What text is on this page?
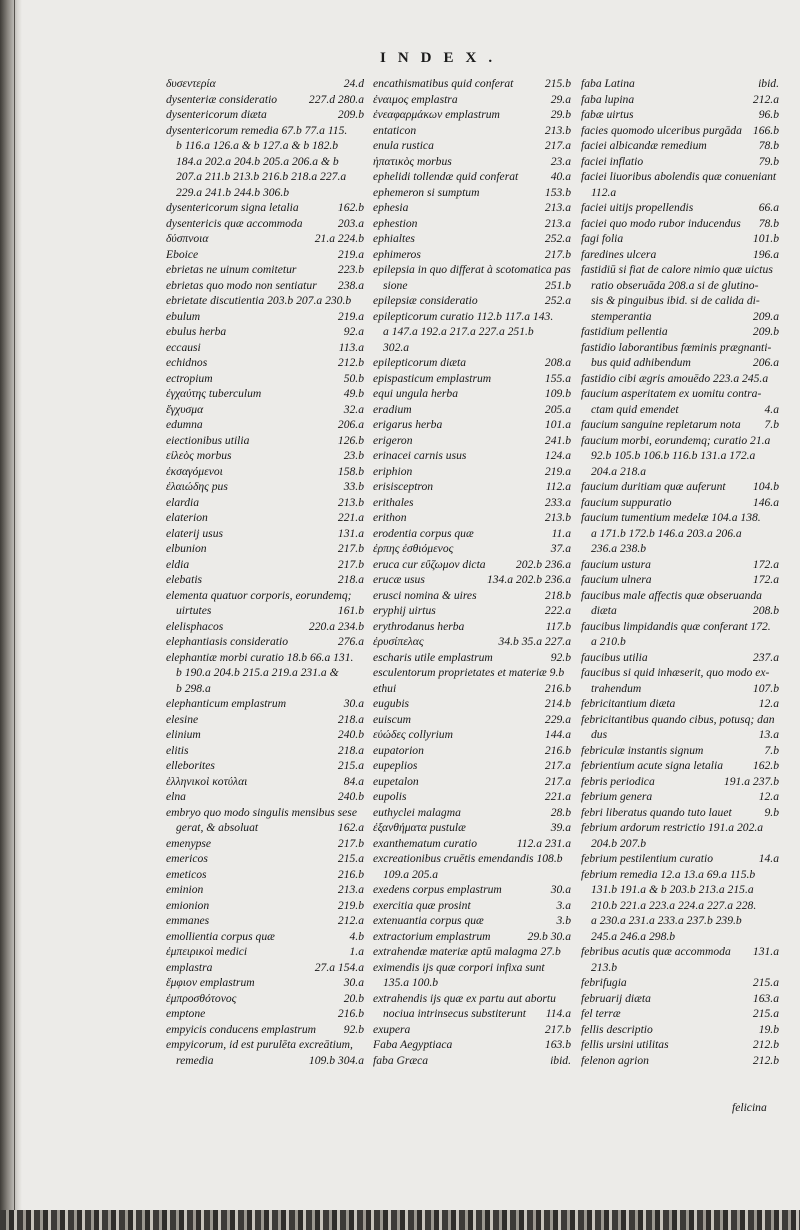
INDEX.
δυσεντερία	24.d
dysenteriæ consideratio	227.d 280.a
dysentericorum diæta	209.b
dysentericorum remedia 67.b 77.a 115.
b 116.a 126.a & b 127.a & b 182.b
184.a 202.a 204.b 205.a 206.a & b
207.a 211.b 213.b 216.b 218.a 227.a
229.a 241.b 244.b 306.b
dysentericorum signa letalia	162.b
dysentericis quæ accommoda	203.a
δύσπνοια	21.a 224.b
Eboice	219.a
ebrietas ne uinum comitetur	223.b
ebrietas quo modo non sentiatur 238.a
ebrietate discutientia 203.b 207.a 230.b
ebulum	219.a
ebulus herba	92.a
eccausi	113.a
echidnos	212.b
ectropium	50.b
ἐγχαύτης tuberculum	49.b
ἔγχυσμα	32.a
edumna	206.a
eiectionibus utilia	126.b
εἰλεὸς morbus	23.b
ἐκσαγόμενοι	158.b
ἐλαιώδης pus	33.b
elardia	213.b
elaterion	221.a
elaterij usus	131.a
elbunion	217.b
eldia	217.b
elebatis	218.a
elementa quatuor corporis, eorundemq;
uirtutes	161.b
elelisphacos	220.a 234.b
elephantiasis consideratio	276.a
elephantiæ morbi curatio 18.b 66.a 131.
b 190.a 204.b 215.a 219.a 231.a &
b 298.a
elephanticum emplastrum	30.a
elesine	218.a
elinium	240.b
elitis	218.a
elleborites	215.a
ἑλληνικοὶ κοτύλαι	84.a
elna	240.b
embryo quo modo singulis mensibus sese
gerat, & absoluat	162.a
emenypse	217.b
emericos	215.a
emeticos	216.b
eminion	213.a
emionion	219.b
emmanes	212.a
emollientia corpus quæ	4.b
ἐμπειρικοὶ medici	1.a
emplastra	27.a 154.a
ἔμφιον emplastrum	30.a
ἐμπροσθότονος	20.b
emptone	216.b
empyicis conducens emplastrum 92.b
empyicorum, id est purulēta excreātium,
remedia	109.b 304.a
encathismatibus quid conferat	215.b
ἐναιμος emplastra	29.a
ἐνεαφαρμάκων emplastrum	29.b
entaticon	213.b
enula rustica	217.a
ἠπατικὸς morbus	23.a
ephelidi tollendæ quid conferat	40.a
ephemeron si sumptum	153.b
ephesia	213.a
ephestion	213.a
ephialtes	252.a
ephimeros	217.b
epilepsia in quo differat à scotomatica pas
sione	251.b
epilepsiæ consideratio	252.a
epilepticorum curatio 112.b 117.a 143.
a 147.a 192.a 217.a 227.a 251.b
302.a
epilepticorum diæta	208.a
epispasticum emplastrum	155.a
equi ungula herba	109.b
eradium	205.a
erigarus herba	101.a
erigeron	241.b
erinacei carnis usus	124.a
eriphion	219.a
erisisceptron	112.a
erithales	233.a
erithon	213.b
erodentia corpus quæ	11.a
ἐρπης ἐσθιόμενος	37.a
eruca cur εὔζωμον dicta	202.b 236.a
erucæ usus	134.a 202.b 236.a
erusci nomina & uires	218.b
eryphij uirtus	222.a
erythrodanus herba	117.b
ἐρυσίπελας	34.b 35.a 227.a
escharis utile emplastrum	92.b
esculentorum proprietates et materiæ 9.b
ethui	216.b
eugubis	214.b
euiscum	229.a
εὐώδες collyrium	144.a
eupatorion	216.b
eupeplios	217.a
eupetalon	217.a
eupolis	221.a
euthyclei malagma	28.b
ἐξανθήματα pustulæ	39.a
exanthematum curatio	112.a 231.a
excreationibus cruētis emendandis 108.b
109.a 205.a
exedens corpus emplastrum	30.a
exercitia quæ prosint	3.a
extenuantia corpus quæ	3.b
extractorium emplastrum	29.b 30.a
extrahendæ materiæ aptū malagma 27.b
eximendis ijs quæ corpori infixa sunt
135.a 100.b
extrahendis ijs quæ ex partu aut abortu
nociua intrinsecus substiterunt 114.a
exupera	217.b
Faba Aegyptiaca	163.b
faba Græca	ibid.
faba Latina	ibid.
faba lupina	212.a
fabæ uirtus	96.b
facies quomodo ulceribus purgāda 166.b
faciei albicandæ remedium	78.b
faciei inflatio	79.b
faciei liuoribus abolendis quæ conueniant
112.a
faciei uitijs propellendis	66.a
faciei quo modo rubor inducendus 78.b
fagi folia	101.b
faredines ulcera	196.a
fastidiū si fiat de calore nimio quæ uictus
ratio obseruāda 208.a si de glutino-
sis & pinguibus ibid. si de calida di-
stemperantia	209.a
fastidium pellentia	209.b
fastidio laborantibus fœminis prægnanti-
bus quid adhibendum	206.a
fastidio cibi ægris amouēdo 223.a 245.a
faucium asperitatem ex uomitu contra-
ctam quid emendet	4.a
faucium sanguine repletarum nota 7.b
faucium morbi, eorundemq; curatio 21.a
92.b 105.b 106.b 116.b 131.a 172.a
204.a 218.a
faucium duritiam quæ auferunt 104.b
faucium suppuratio	146.a
faucium tumentium medelæ 104.a 138.
a 171.b 172.b 146.a 203.a 206.a
236.a 238.b
faucium ustura	172.a
faucium ulnera	172.a
faucibus male affectis quæ obseruanda
diæta	208.b
faucibus limpidandis quæ conferant 172.
a 210.b
faucibus utilia	237.a
faucibus si quid inhæserit, quo modo ex-
trahendum	107.b
febricitantium diæta	12.a
febricitantibus quando cibus, potusq; dan
dus	13.a
febriculæ instantis signum	7.b
febrientium acute signa letalia	162.b
febris periodica	191.a 237.b
febrium genera	12.a
febri liberatus quando tuto lauet	9.b
febrium ardorum restrictio 191.a 202.a
204.b 207.b
febrium pestilentium curatio	14.a
febrium remedia 12.a 13.a 69.a 115.b
131.b 191.a & b 203.b 213.a 215.a
210.b 221.a 223.a 224.a 227.a 228.
a 230.a 231.a 233.a 237.b 239.b
245.a 246.a 298.b
febribus acutis quæ accommoda 131.a
213.b
febrifugia	215.a
februarij diæta	163.a
fel terræ	215.a
fellis descriptio	19.b
fellis ursini utilitas	212.b
felenon agrion	212.b
felicina
